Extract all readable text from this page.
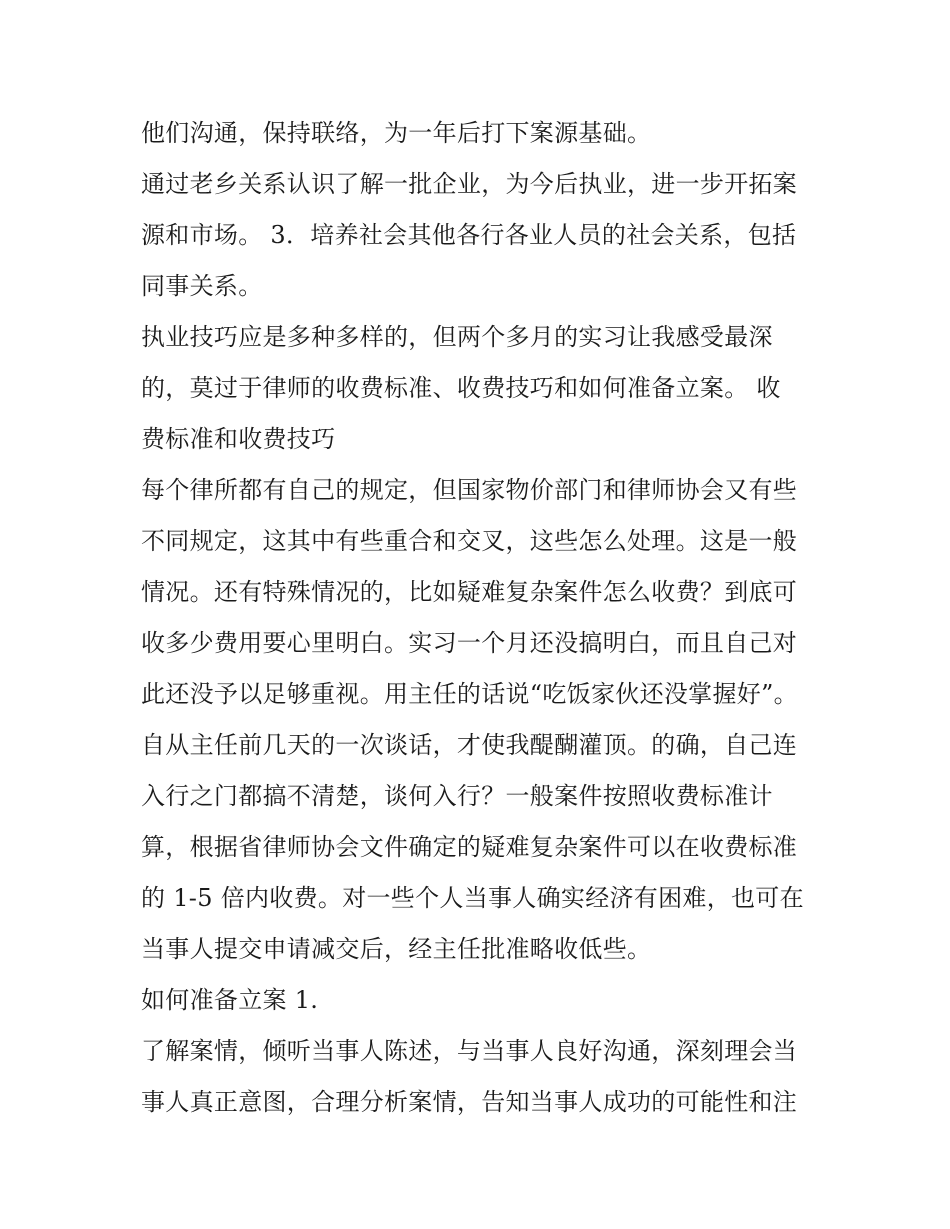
他们沟通，保持联络，为一年后打下案源基础。
通过老乡关系认识了解一批企业，为今后执业，进一步开拓案
源和市场。 3．培养社会其他各行各业人员的社会关系，包括
同事关系。
执业技巧应是多种多样的，但两个多月的实习让我感受最深
的，莫过于律师的收费标准、收费技巧和如何准备立案。 收
费标准和收费技巧
每个律所都有自己的规定，但国家物价部门和律师协会又有些
不同规定，这其中有些重合和交叉，这些怎么处理。这是一般
情况。还有特殊情况的，比如疑难复杂案件怎么收费？到底可
收多少费用要心里明白。实习一个月还没搞明白，而且自己对
此还没予以足够重视。用主任的话说“吃饭家伙还没掌握好”。
自从主任前几天的一次谈话，才使我醍醐灌顶。的确，自己连
入行之门都搞不清楚，谈何入行？一般案件按照收费标准计
算，根据省律师协会文件确定的疑难复杂案件可以在收费标准
的 1-5 倍内收费。对一些个人当事人确实经济有困难，也可在
当事人提交申请减交后，经主任批准略收低些。
如何准备立案 1.
了解案情，倾听当事人陈述，与当事人良好沟通，深刻理会当
事人真正意图，合理分析案情，告知当事人成功的可能性和注
